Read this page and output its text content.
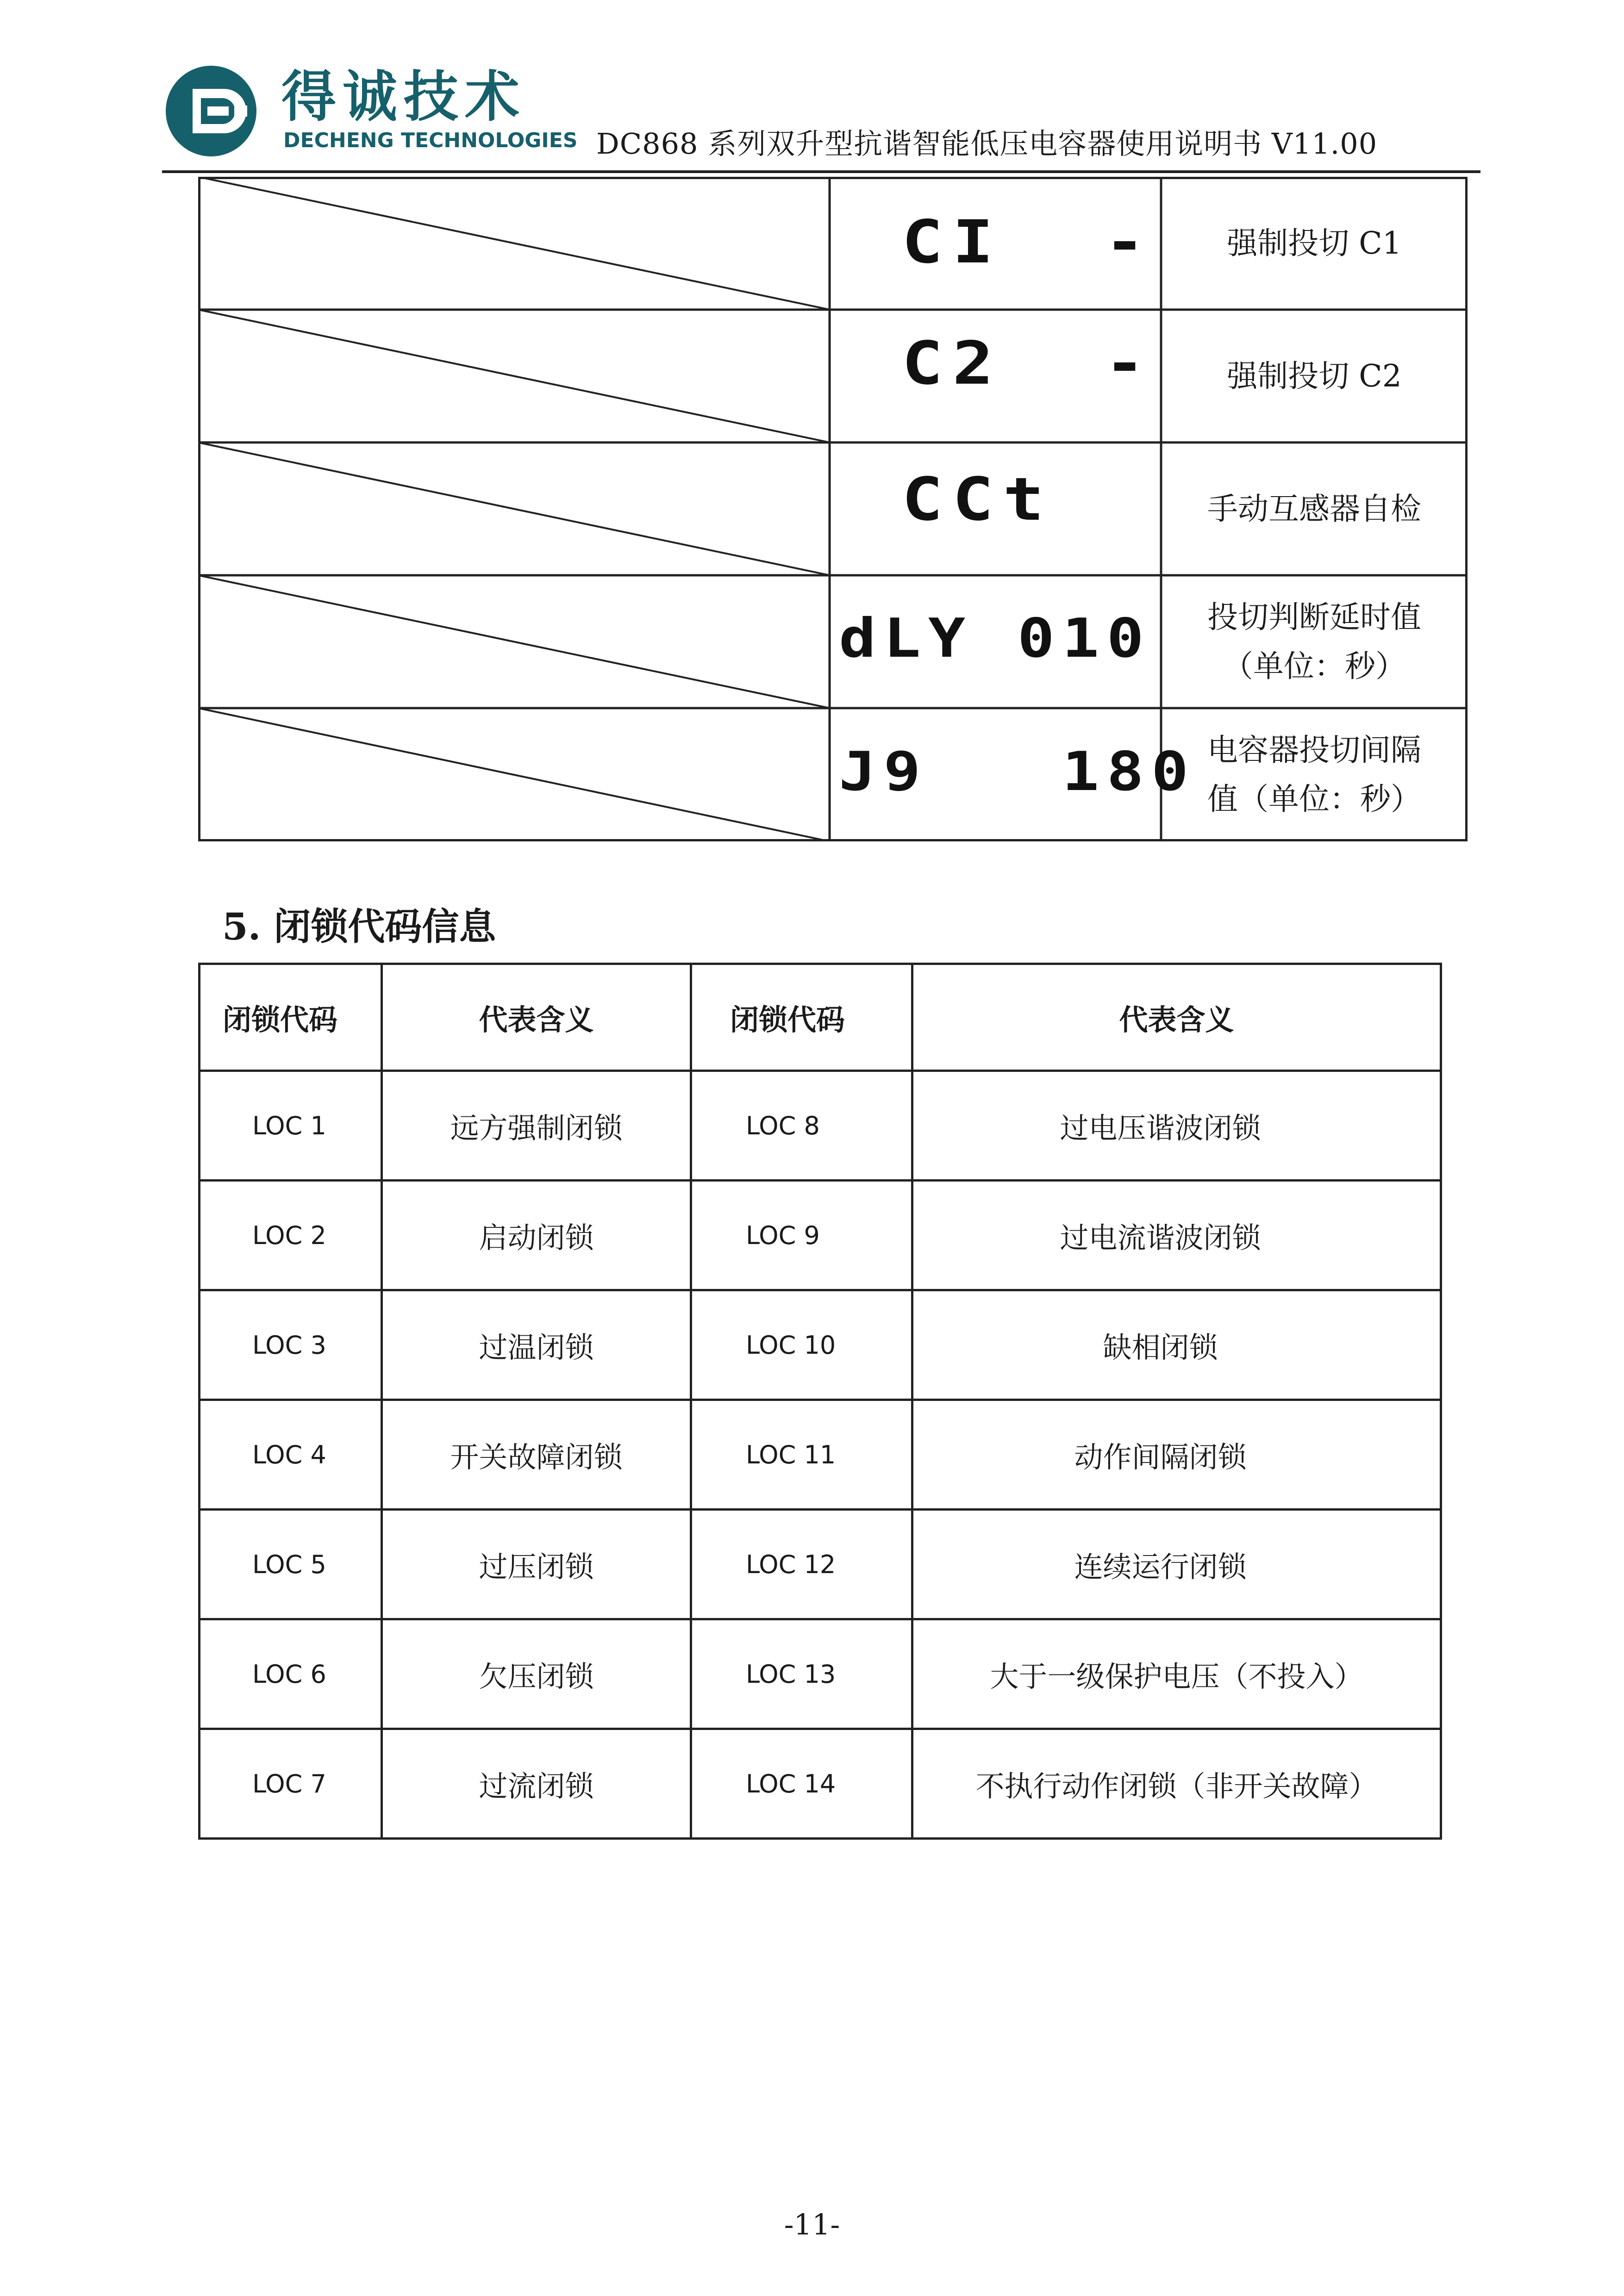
得诚技术
DECHENG TECHNOLOGIES DC868 系列双升型抗谐智能低压电容器使用说明书 V11.00
CI  - 强制投切 C1
C2  - 强制投切 C2
CCt	手动互感器自检
dLY 010 投切判断延时值
（单位：秒）
J9   180 电容器投切间隔
值（单位：秒）
5. 闭锁代码信息
闭锁代码	代表含义	闭锁代码	代表含义
LOC 1	远方强制闭锁	LOC 8	过电压谐波闭锁
LOC 2	启动闭锁	LOC 9	过电流谐波闭锁
LOC 3	过温闭锁	LOC 10	缺相闭锁
LOC 4	开关故障闭锁	LOC 11	动作间隔闭锁
LOC 5	过压闭锁	LOC 12	连续运行闭锁
LOC 6	欠压闭锁	LOC 13	大于一级保护电压（不投入）
LOC 7	过流闭锁	LOC 14	不执行动作闭锁（非开关故障）
-11-
